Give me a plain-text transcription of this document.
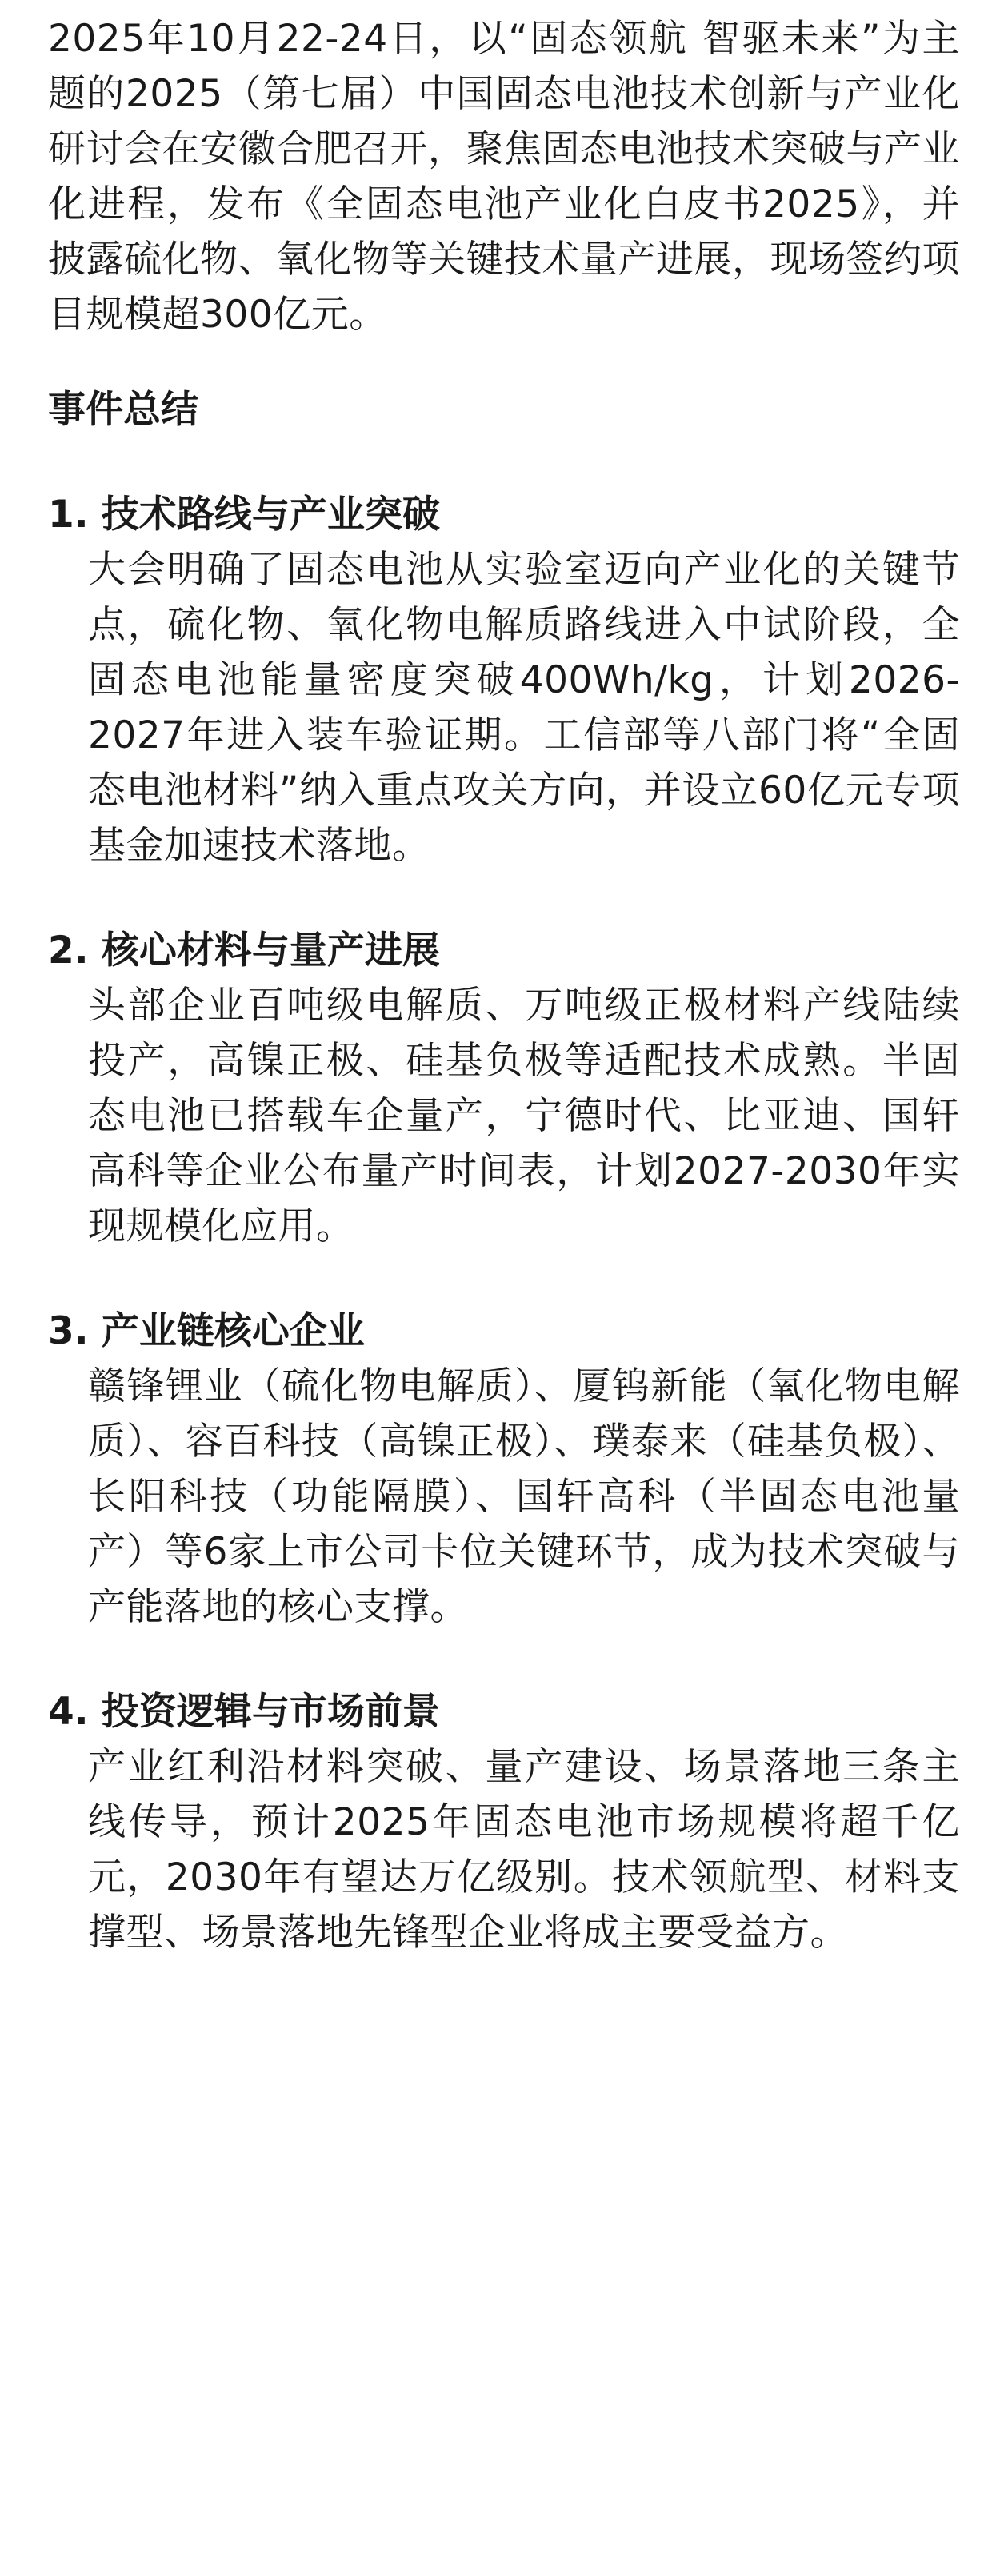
2025年10月22-24日，以“固态领航 智驱未来”为主题的2025（第七届）中国固态电池技术创新与产业化研讨会在安徽合肥召开，聚焦固态电池技术突破与产业化进程，发布《全固态电池产业化白皮书2025》，并披露硫化物、氧化物等关键技术量产进展，现场签约项目规模超300亿元。

事件总结
1. 技术路线与产业突破

大会明确了固态电池从实验室迈向产业化的关键节点，硫化物、氧化物电解质路线进入中试阶段，全固态电池能量密度突破400Wh/kg，计划2026-2027年进入装车验证期。工信部等八部门将“全固态电池材料”纳入重点攻关方向，并设立60亿元专项基金加速技术落地。

2. 核心材料与量产进展

头部企业百吨级电解质、万吨级正极材料产线陆续投产，高镍正极、硅基负极等适配技术成熟。半固态电池已搭载车企量产，宁德时代、比亚迪、国轩高科等企业公布量产时间表，计划2027-2030年实现规模化应用。

3. 产业链核心企业

赣锋锂业（硫化物电解质）、厦钨新能（氧化物电解质）、容百科技（高镍正极）、璞泰来（硅基负极）、长阳科技（功能隔膜）、国轩高科（半固态电池量产）等6家上市公司卡位关键环节，成为技术突破与产能落地的核心支撑。

4. 投资逻辑与市场前景

产业红利沿材料突破、量产建设、场景落地三条主线传导，预计2025年固态电池市场规模将超千亿元，2030年有望达万亿级别。技术领航型、材料支撑型、场景落地先锋型企业将成主要受益方。
